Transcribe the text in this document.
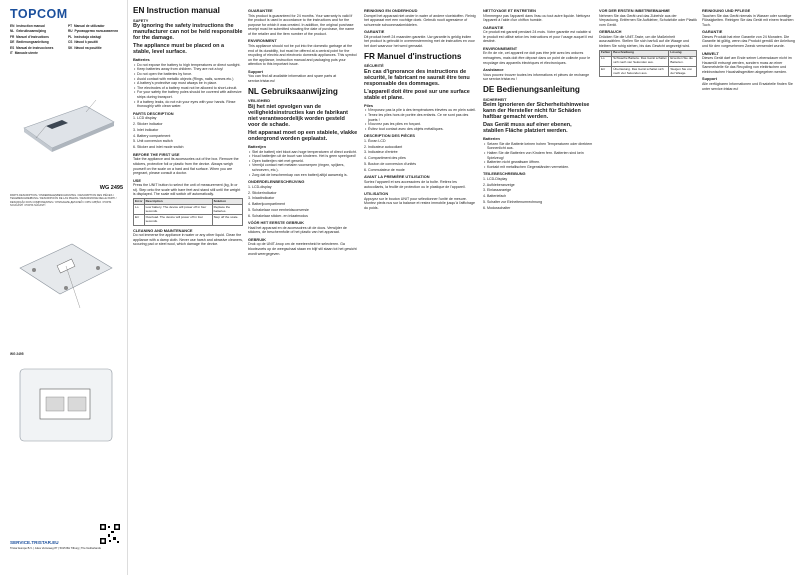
TOPCOM
EN Instruction manual	PT Manual de utilizador
NL Gebruiksaanwijzing	RU Руководство пользователя
FR Manuel d'instructions	PL Instrukcja obsługi
DE Bedienungsanleitung	CS Návod k použití
ES Manual de instrucciones	SK Návod na použitie
IT Manuale utente
WG 2495
PARTS DESCRIPTION / ONDERDELENBESCHRIJVING / DESCRIPTION DES PIÈCES / TEILEBESCHREIBUNG / DESCRIPCIÓN DE LAS PIEZAS / DESCRIZIONE DELLE PARTI / DESCRIÇÃO DOS COMPONENTES / ОПИСАНИЕ ДЕТАЛЕЙ / OPIS CZĘŚCI / POPIS SOUČÁSTÍ / POPIS SÚČASTÍ
WG 2495
SERVICE.TRISTAR.EU
Tristar Europe B.V. | Jules Verneweg 87 | 5015 BH Tilburg | The Netherlands
EN Instruction manual
SAFETY
By ignoring the safety instructions the manufacturer can not be held responsible for the damage.
The appliance must be placed on a stable, level surface.
Batteries
• Do not expose the battery to high temperatures or direct sunlight.
• Keep batteries away from children. They are not a toy!
• Do not open the batteries by force.
• Avoid contact with metallic objects (Rings, nails, screws etc.)
• A battery's protective cap must always be in place.
• The electrodes of a battery must not be allowed to short-circuit.
• For your safety the battery poles should be covered with adhesive strips during transport.
• If a battery leaks, do not rub your eyes with your hands. Rinse thoroughly with clean water.
PARTS DESCRIPTION

1. LCD display

2. Sticker indicator

3. Inlet indicator

4. Battery compartment

5. Unit conversion switch

6. Sticker and inlet mode switch

BEFORE THE FIRST USE

Take the appliance and its accessories out of the box. Remove the stickers, protective foil or plastic from the device. Always weigh yourself on the scale on a hard and flat surface. When you are pregnant, please consult a doctor.

USE

Press the UNIT button to select the unit of measurement (kg, lb or st). Step onto the scale with bare feet and stand still until the weight is displayed. The scale will switch off automatically.

Error	Description	Solution
Lo	Low battery. The device will power off in four seconds.	Replace the batteries.
Err	Overload. The device will power off in four seconds.	Step off the scale.
CLEANING AND MAINTENANCE

Do not immerse the appliance in water or any other liquid. Clean the appliance with a damp cloth. Never use harsh and abrasive cleaners, scouring pad or steel wool, which damage the device.

GUARANTEE

This product is guaranteed for 24 months. Your warranty is valid if the product is used in accordance to the instructions and for the purpose for which it was created. In addition, the original purchase receipt must be submitted showing the date of purchase, the name of the retailer and the item number of the product.

ENVIRONMENT

This appliance should not be put into the domestic garbage at the end of its durability, but must be offered at a central point for the recycling of electric and electronic domestic appliances. This symbol on the appliance, instruction manual and packaging puts your attention to this important issue.

Support

You can find all available information and spare parts at service.tristar.eu!

NL Gebruiksaanwijzing
VEILIGHEID
Bij het niet opvolgen van de veiligheidsinstructies kan de fabrikant niet verantwoordelijk worden gesteld voor de schade.
Het apparaat moet op een stabiele, vlakke ondergrond worden geplaatst.
Batterijen
• Stel de batterij niet bloot aan hoge temperaturen of direct zonlicht.
• Houd batterijen uit de buurt van kinderen. Het is geen speelgoed!
• Open batterijen niet met geweld.
• Vermijd contact met metalen voorwerpen (ringen, spijkers, schroeven, etc.).
• Zorg dat de beschermkap van een batterij altijd aanwezig is.
ONDERDELENBESCHRIJVING

1. LCD-display

2. Stickerindicator

3. Inlaatindicator

4. Batterijcompartiment

5. Schakelaar voor eenheidsconversie

6. Schakelaar sticker- en inlaatmodus

VÓÓR HET EERSTE GEBRUIK

Haal het apparaat en de accessoires uit de doos. Verwijder de stickers, de beschermfolie of het plastic van het apparaat.

GEBRUIK

Druk op de UNIT-knop om de meeteenheid te selecteren. Ga blootsvoets op de weegschaal staan en blijf stil staan tot het gewicht wordt weergegeven.

REINIGING EN ONDERHOUD

Dompel het apparaat niet onder in water of andere vloeistoffen. Reinig het apparaat met een vochtige doek. Gebruik nooit agressieve of schurende schoonmaakmiddelen.

GARANTIE

Dit product heeft 24 maanden garantie. Uw garantie is geldig indien het product is gebruikt in overeenstemming met de instructies en voor het doel waarvoor het werd gemaakt.

FR Manuel d'instructions
SÉCURITÉ
En cas d'ignorance des instructions de sécurité, le fabricant ne saurait être tenu responsable des dommages.
L'appareil doit être posé sur une surface stable et plane.
Piles
• N'exposez pas la pile à des températures élevées ou en plein soleil.
• Tenez les piles hors de portée des enfants. Ce ne sont pas des jouets !
• N'ouvrez pas les piles en forçant.
• Évitez tout contact avec des objets métalliques.
DESCRIPTION DES PIÈCES

1. Écran LCD

2. Indicateur autocollant

3. Indicateur d'entrée

4. Compartiment des piles

5. Bouton de conversion d'unités

6. Commutateur de mode

AVANT LA PREMIÈRE UTILISATION

Sortez l'appareil et ses accessoires de la boîte. Retirez les autocollants, la feuille de protection ou le plastique de l'appareil.

UTILISATION

Appuyez sur le bouton UNIT pour sélectionner l'unité de mesure. Montez pieds nus sur la balance et restez immobile jusqu'à l'affichage du poids.

NETTOYAGE ET ENTRETIEN

N'immergez pas l'appareil dans l'eau ou tout autre liquide. Nettoyez l'appareil à l'aide d'un chiffon humide.

GARANTIE

Ce produit est garanti pendant 24 mois. Votre garantie est valable si le produit est utilisé selon les instructions et pour l'usage auquel il est destiné.

ENVIRONNEMENT

En fin de vie, cet appareil ne doit pas être jeté avec les ordures ménagères, mais doit être déposé dans un point de collecte pour le recyclage des appareils électriques et électroniques.

Assistance

Vous pouvez trouver toutes les informations et pièces de rechange sur service.tristar.eu !

DE Bedienungsanleitung
SICHERHEIT
Beim Ignorieren der Sicherheitshinweise kann der Hersteller nicht für Schäden haftbar gemacht werden.
Das Gerät muss auf einer ebenen, stabilen Fläche platziert werden.
Batterien
• Setzen Sie die Batterie keinen hohen Temperaturen oder direktem Sonnenlicht aus.
• Halten Sie die Batterien von Kindern fern. Batterien sind kein Spielzeug!
• Batterien nicht gewaltsam öffnen.
• Kontakt mit metallischen Gegenständen vermeiden.
TEILEBESCHREIBUNG

1. LCD-Display

2. Aufkleberanzeige

3. Einlassanzeige

4. Batteriefach

5. Schalter zur Einheitenumrechnung

6. Modusschalter

VOR DER ERSTEN INBETRIEBNAHME

Nehmen Sie das Gerät und das Zubehör aus der Verpackung. Entfernen Sie Aufkleber, Schutzfolie oder Plastik vom Gerät.

GEBRAUCH

Drücken Sie die UNIT-Taste, um die Maßeinheit auszuwählen. Stellen Sie sich barfuß auf die Waage und bleiben Sie ruhig stehen, bis das Gewicht angezeigt wird.

Fehler	Beschreibung	Lösung
Lo	Schwache Batterie. Das Gerät schaltet sich nach vier Sekunden aus.	Ersetzen Sie die Batterien.
Err	Überlastung. Das Gerät schaltet sich nach vier Sekunden aus.	Steigen Sie von der Waage.
REINIGUNG UND PFLEGE

Tauchen Sie das Gerät niemals in Wasser oder sonstige Flüssigkeiten. Reinigen Sie das Gerät mit einem feuchten Tuch.

GARANTIE

Dieses Produkt hat eine Garantie von 24 Monaten. Die Garantie ist gültig, wenn das Produkt gemäß der Anleitung und für den vorgesehenen Zweck verwendet wurde.

UMWELT

Dieses Gerät darf am Ende seiner Lebensdauer nicht im Hausmüll entsorgt werden, sondern muss an einer Sammelstelle für das Recycling von elektrischen und elektronischen Haushaltsgeräten abgegeben werden.

Support

Alle verfügbaren Informationen und Ersatzteile finden Sie unter service.tristar.eu!
